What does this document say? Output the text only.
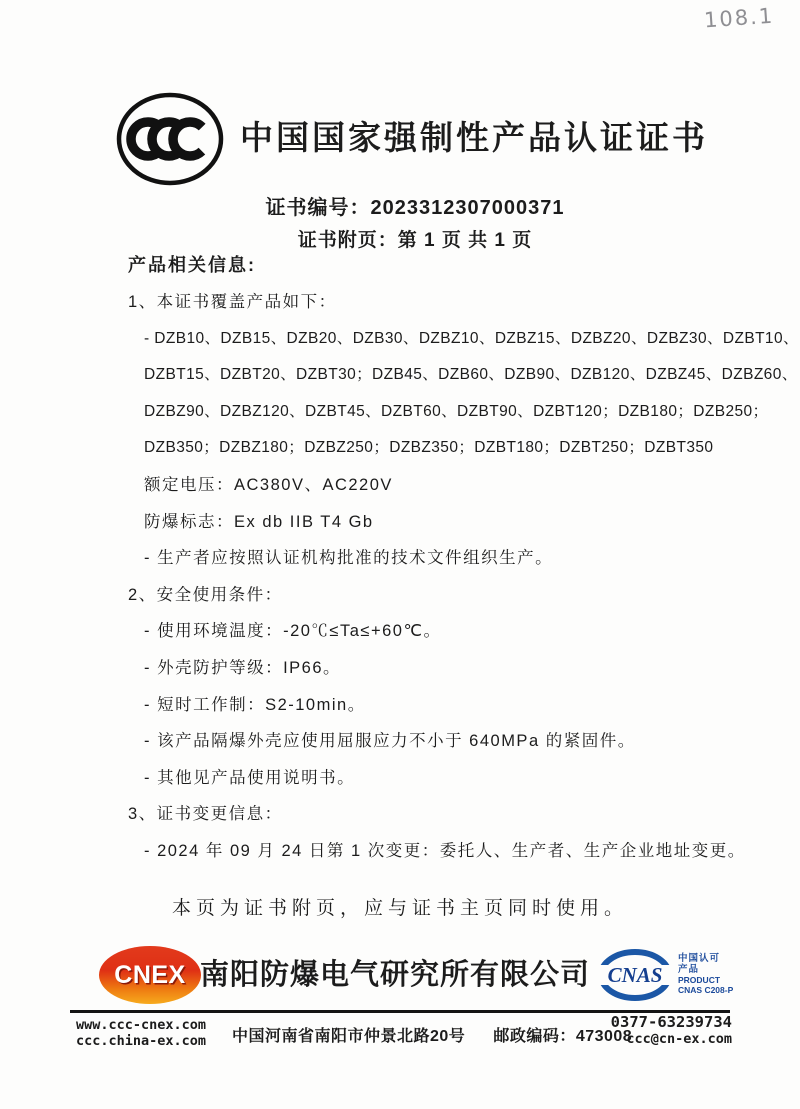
108.1
中国国家强制性产品认证证书
证书编号：2023312307000371
证书附页：第 1 页 共 1 页
产品相关信息:
1、本证书覆盖产品如下：
- DZB10、DZB15、DZB20、DZB30、DZBZ10、DZBZ15、DZBZ20、DZBZ30、DZBT10、
DZBT15、DZBT20、DZBT30；DZB45、DZB60、DZB90、DZB120、DZBZ45、DZBZ60、
DZBZ90、DZBZ120、DZBT45、DZBT60、DZBT90、DZBT120；DZB180；DZB250；
DZB350；DZBZ180；DZBZ250；DZBZ350；DZBT180；DZBT250；DZBT350
额定电压：AC380V、AC220V
防爆标志：Ex db IIB T4 Gb
- 生产者应按照认证机构批准的技术文件组织生产。
2、安全使用条件：
- 使用环境温度：-20℃≤Ta≤+60℃。
- 外壳防护等级：IP66。
- 短时工作制：S2-10min。
- 该产品隔爆外壳应使用屈服应力不小于 640MPa 的紧固件。
- 其他见产品使用说明书。
3、证书变更信息：
- 2024 年 09 月 24 日第 1 次变更：委托人、生产者、生产企业地址变更。
本页为证书附页，应与证书主页同时使用。
CNEX 南阳防爆电气研究所有限公司 CNAS
中国认可
产品
PRODUCT
CNAS C208-P
www.ccc-cnex.com
ccc.china-ex.com 中国河南省南阳市仲景北路20号 邮政编码：473008
0377-63239734
ccc@cn-ex.com
